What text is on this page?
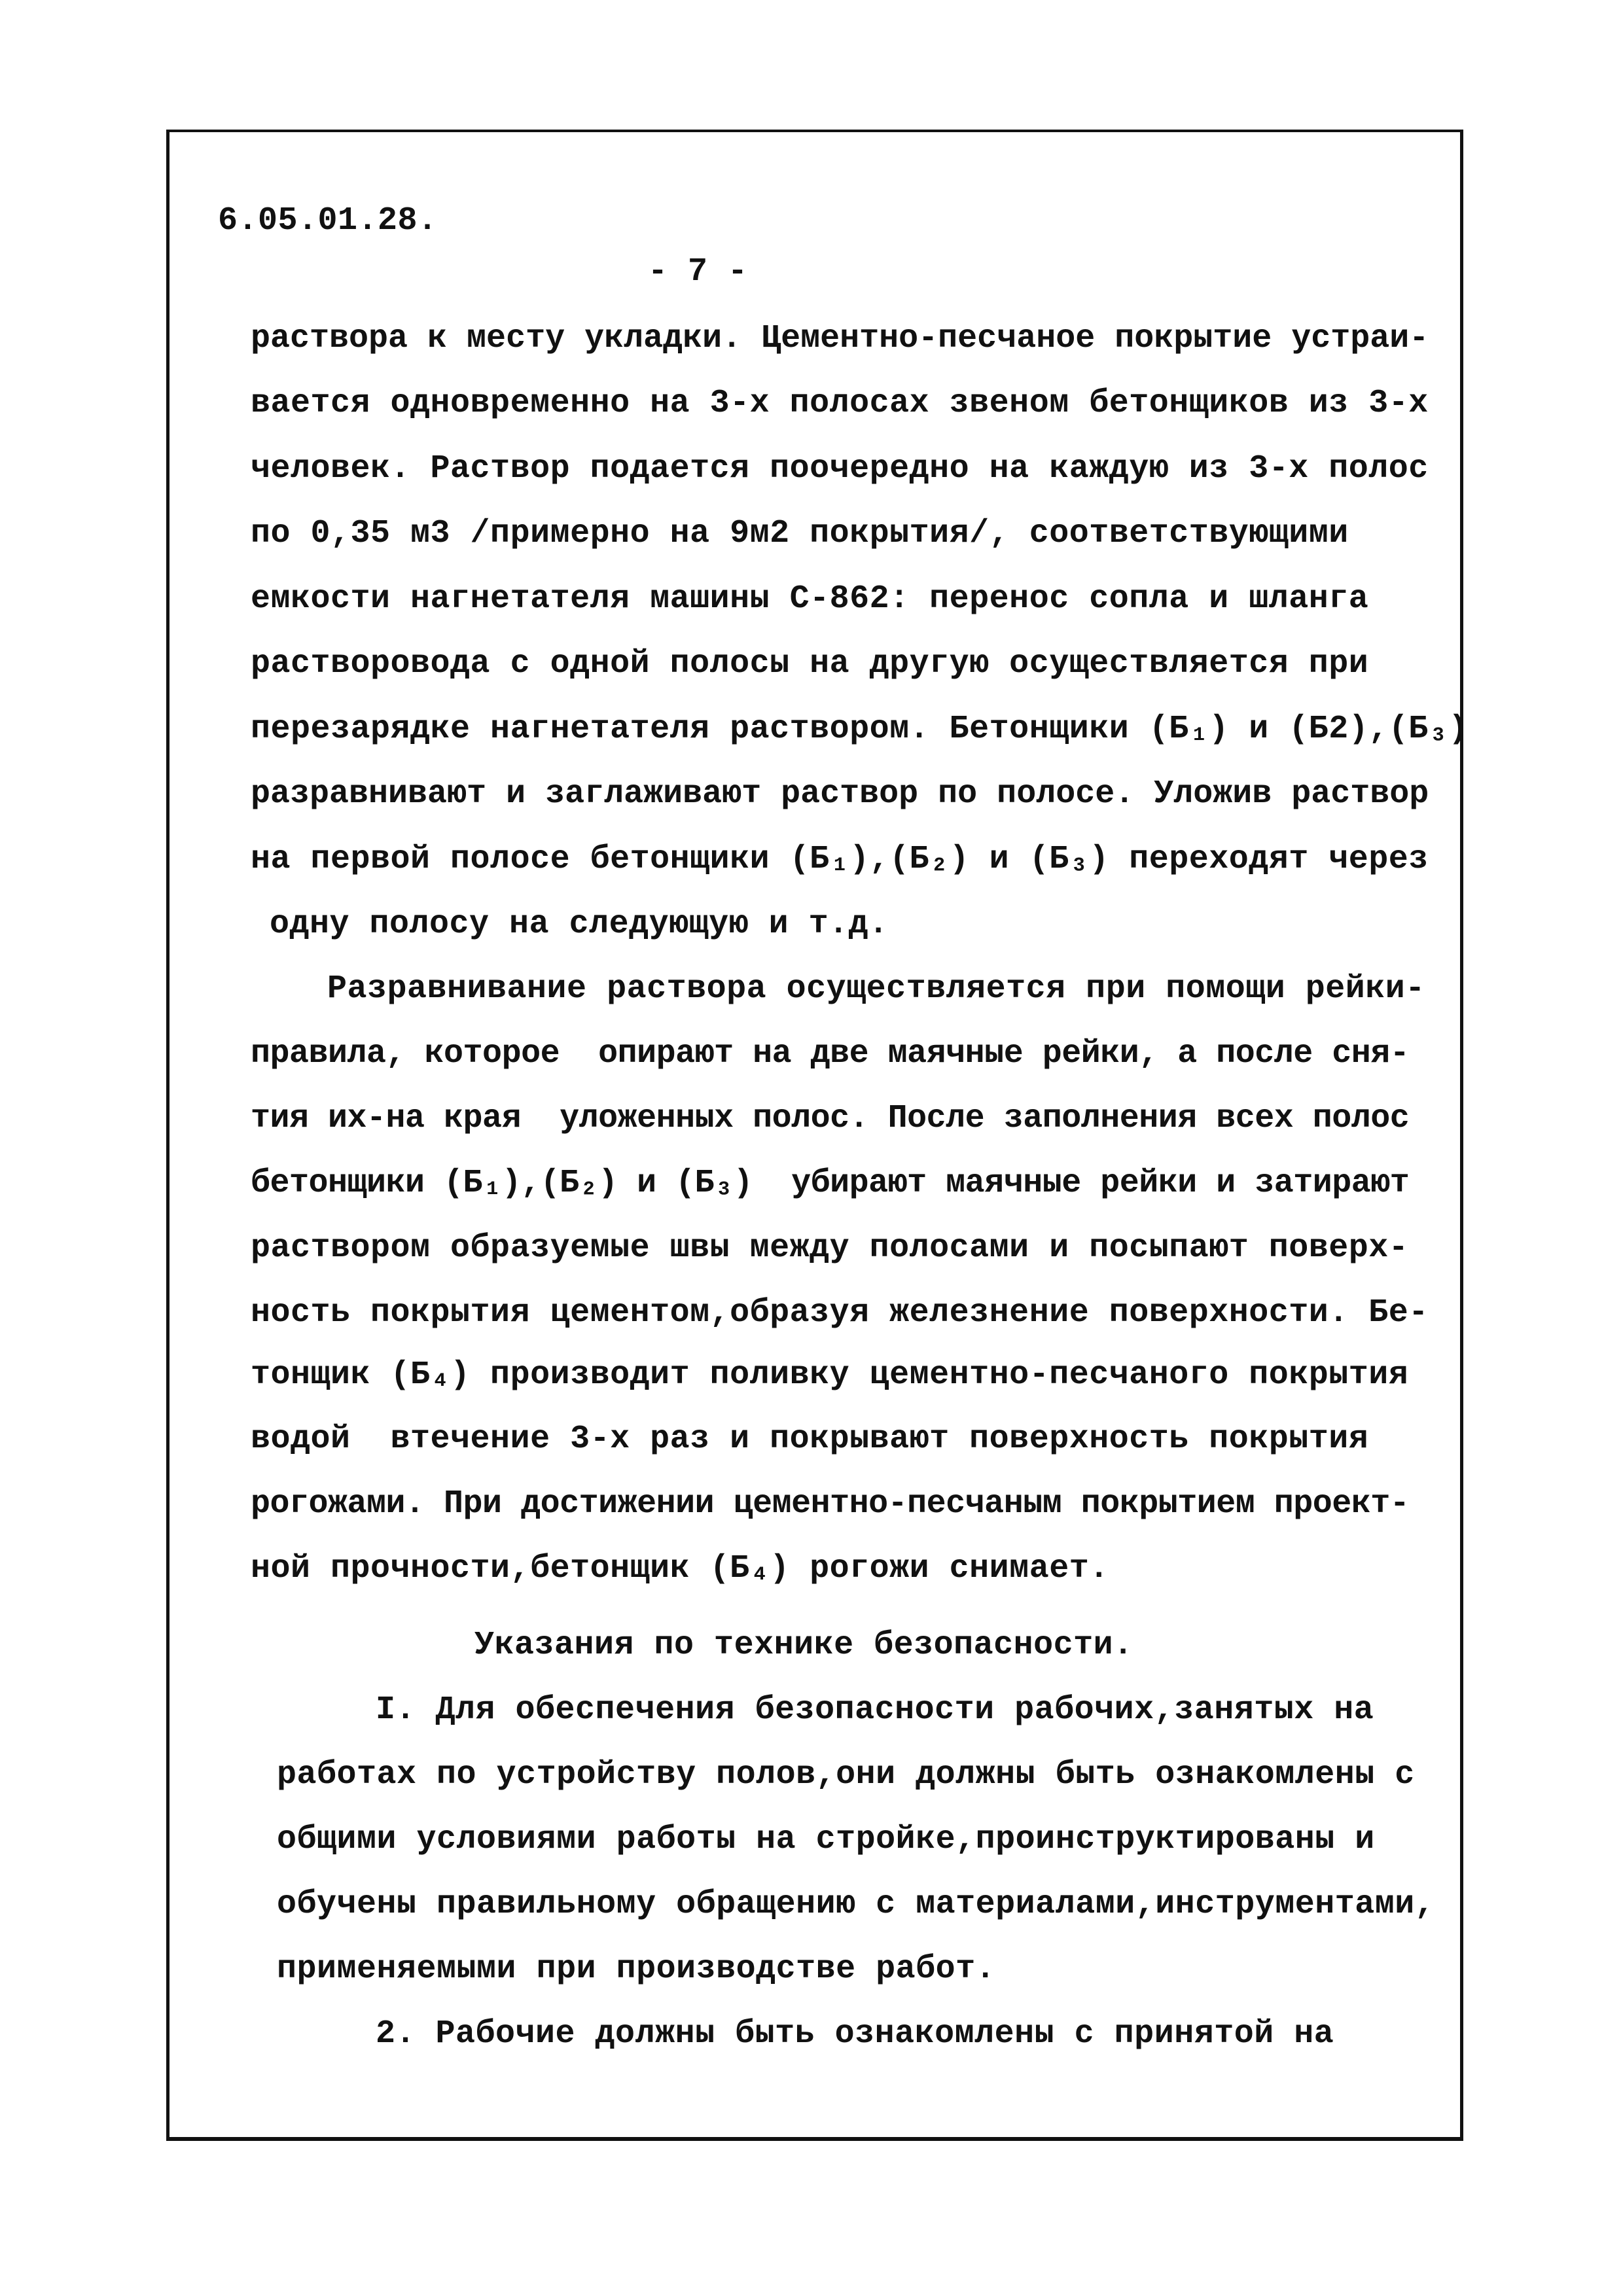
6.05.01.28.
- 7 -
раствора к месту укладки. Цементно-песчаное покрытие устраи-
вается одновременно на 3-х полосах звеном бетонщиков из 3-х
человек. Раствор подается поочередно на каждую из 3-х полос
по 0,35 м3 /примерно на 9м2 покрытия/, соответствующими
емкости нагнетателя машины С-862: перенос сопла и шланга
растворовода с одной полосы на другую осуществляется при
перезарядке нагнетателя раствором. Бетонщики (Б₁) и (Б2),(Б₃)
разравнивают и заглаживают раствор по полосе. Уложив раствор
на первой полосе бетонщики (Б₁),(Б₂) и (Б₃) переходят через
одну полосу на следующую и т.д.
Разравнивание раствора осуществляется при помощи рейки-
правила, которое  опирают на две маячные рейки, а после сня-
тия их-на края  уложенных полос. После заполнения всех полос
бетонщики (Б₁),(Б₂) и (Б₃)  убирают маячные рейки и затирают
раствором образуемые швы между полосами и посыпают поверх-
ность покрытия цементом,образуя железнение поверхности. Бе-
тонщик (Б₄) производит поливку цементно-песчаного покрытия
водой  втечение 3-х раз и покрывают поверхность покрытия
рогожами. При достижении цементно-песчаным покрытием проект-
ной прочности,бетонщик (Б₄) рогожи снимает.
Указания по технике безопасности.
I. Для обеспечения безопасности рабочих,занятых на
работах по устройству полов,они должны быть ознакомлены с
общими условиями работы на стройке,проинструктированы и
обучены правильному обращению с материалами,инструментами,
применяемыми при производстве работ.
2. Рабочие должны быть ознакомлены с принятой на
